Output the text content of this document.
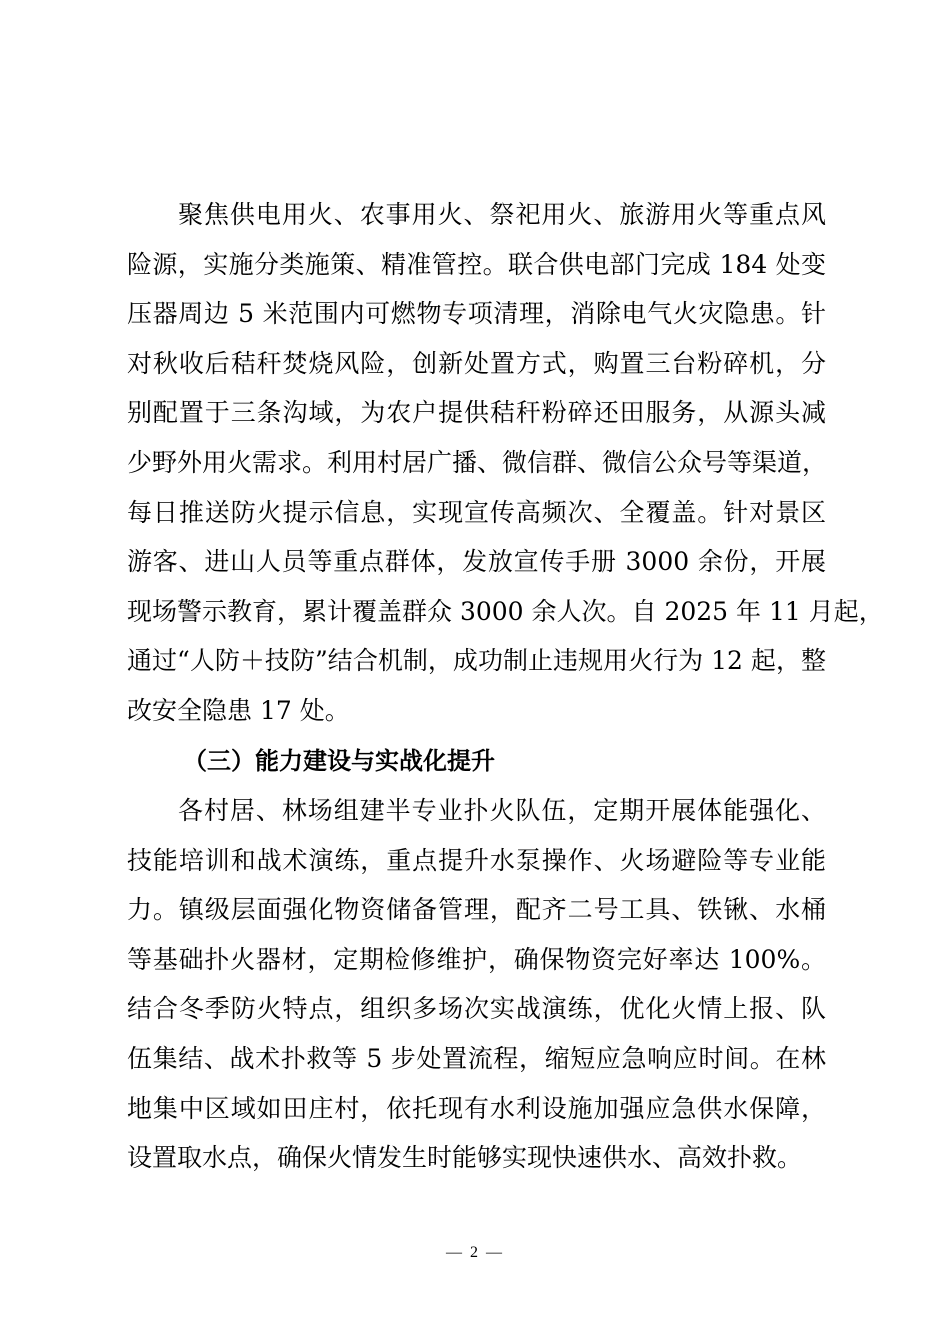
聚焦供电用火、农事用火、祭祀用火、旅游用火等重点风
险源，实施分类施策、精准管控。联合供电部门完成 184 处变
压器周边 5 米范围内可燃物专项清理，消除电气火灾隐患。针
对秋收后秸秆焚烧风险，创新处置方式，购置三台粉碎机，分
别配置于三条沟域，为农户提供秸秆粉碎还田服务，从源头减
少野外用火需求。利用村居广播、微信群、微信公众号等渠道，
每日推送防火提示信息，实现宣传高频次、全覆盖。针对景区
游客、进山人员等重点群体，发放宣传手册 3000 余份，开展
现场警示教育，累计覆盖群众 3000 余人次。自 2025 年 11 月起，
通过“人防＋技防”结合机制，成功制止违规用火行为 12 起，整
改安全隐患 17 处。
（三）能力建设与实战化提升
各村居、林场组建半专业扑火队伍，定期开展体能强化、
技能培训和战术演练，重点提升水泵操作、火场避险等专业能
力。镇级层面强化物资储备管理，配齐二号工具、铁锹、水桶
等基础扑火器材，定期检修维护，确保物资完好率达 100%。
结合冬季防火特点，组织多场次实战演练，优化火情上报、队
伍集结、战术扑救等 5 步处置流程，缩短应急响应时间。在林
地集中区域如田庄村，依托现有水利设施加强应急供水保障，
设置取水点，确保火情发生时能够实现快速供水、高效扑救。
— 2 —
